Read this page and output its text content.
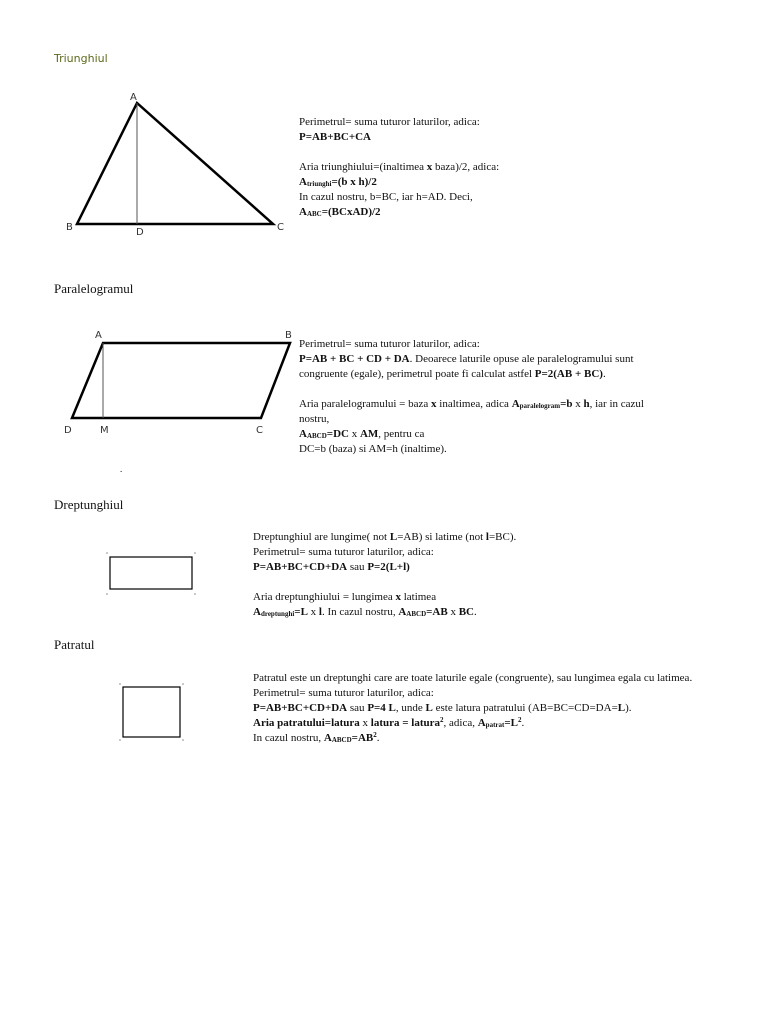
Triunghiul
A
B	C
D
Perimetrul= suma tuturor laturilor, adica:
P=AB+BC+CA
Aria triunghiului=(inaltimea x baza)/2, adica:
$A_{triunghi}=(b$ x h)/2
In cazul nostru, b=BC, iar h=AD. Deci,
$A_{ABC}=(BCxAD)/2$
Paralelogramul
A	B
D	M	C
.
Perimetrul= suma tuturor laturilor, adica:
P=AB + BC + CD + DA. Deoarece laturile opuse ale paralelogramului sunt
congruente (egale), perimetrul poate fi calculat astfel P=2(AB + BC).
Aria paralelogramului = baza x inaltimea, adica $A_{paralelogram}=b$ x h, iar in cazul
nostru,
$A_{ABCD}=DC$ x AM, pentru ca
DC=b (baza) si AM=h (inaltime).
Dreptunghiul
Dreptunghiul are lungime( not L=AB) si latime (not l=BC).
Perimetrul= suma tuturor laturilor, adica:
P=AB+BC+CD+DA sau P=2(L+l)
Aria dreptunghiului = lungimea x latimea
$A_{dreptunghi}=L$ x l. In cazul nostru, $A_{ABCD}=AB$ x BC.
Patratul
Patratul este un dreptunghi care are toate laturile egale (congruente), sau lungimea egala cu latimea.
Perimetrul= suma tuturor laturilor, adica:
P=AB+BC+CD+DA sau P=4 L, unde L este latura patratului (AB=BC=CD=DA=L).
Aria patratului=latura x latura = latura$^2$, adica, $A_{patrat}=L^2$.
In cazul nostru, $A_{ABCD}=AB^2$.
